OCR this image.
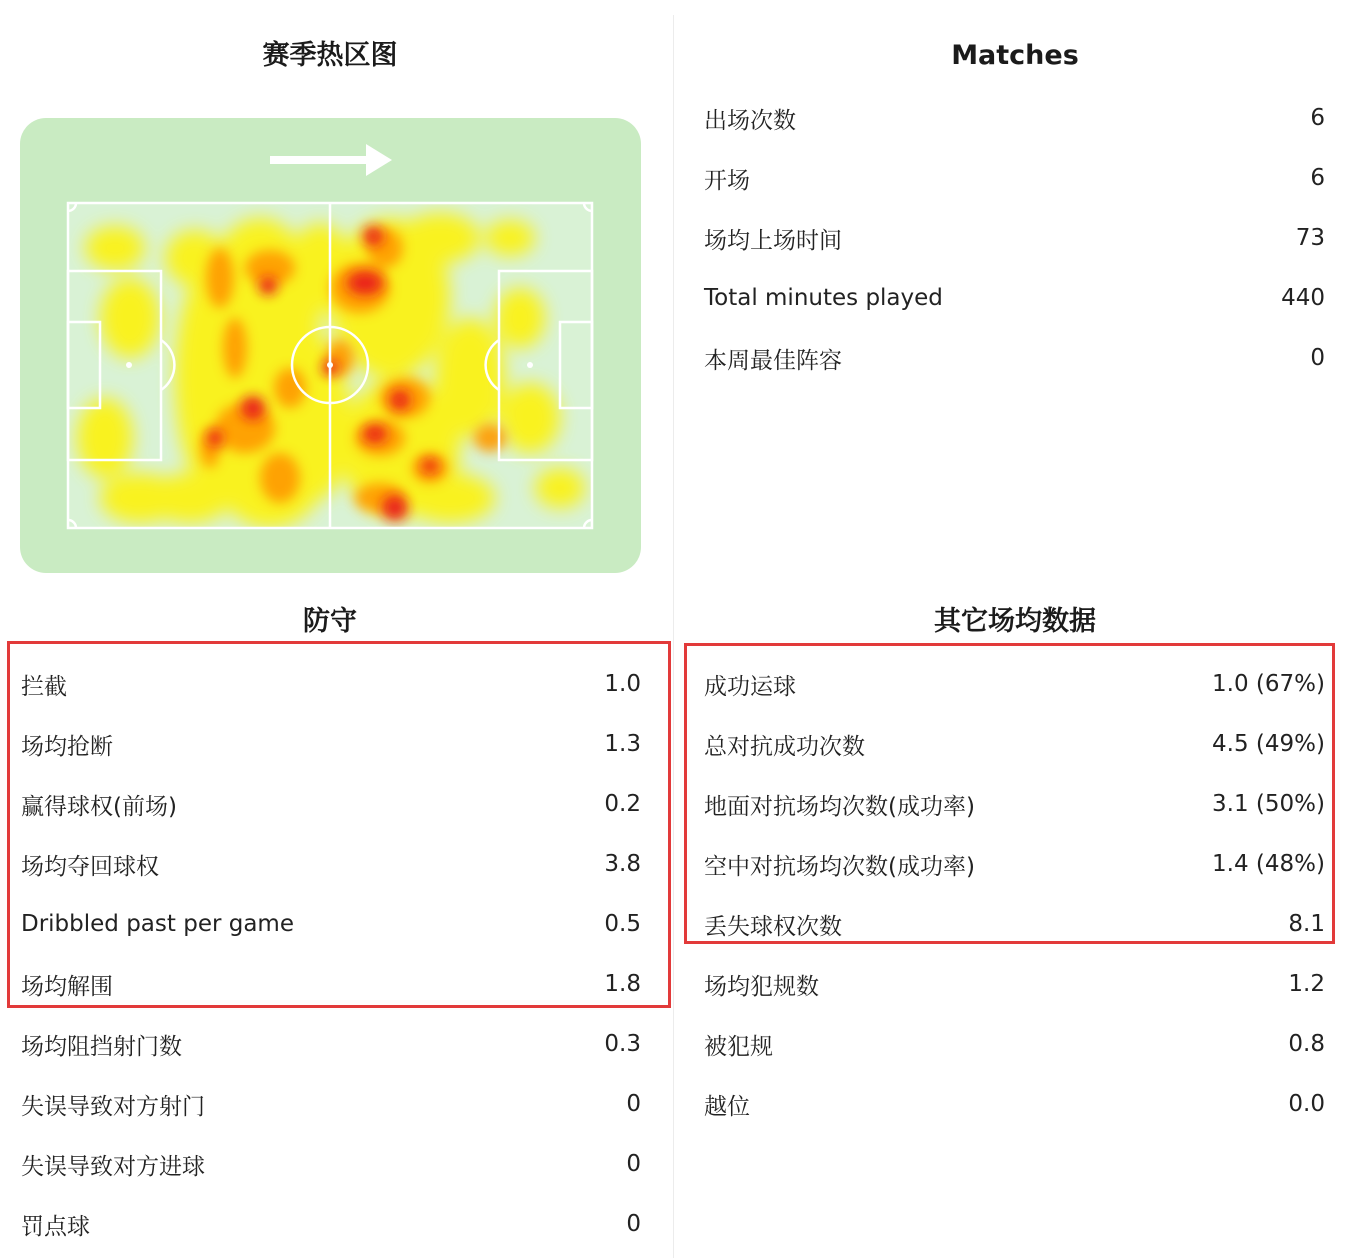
赛季热区图	Matches
出场次数	6
开场	6
场均上场时间	73
Total minutes played	440
本周最佳阵容	0
防守
拦截	1.0
场均抢断	1.3
赢得球权(前场)	0.2
场均夺回球权	3.8
Dribbled past per game	0.5
场均解围	1.8
场均阻挡射门数	0.3
失误导致对方射门	0
失误导致对方进球	0
罚点球	0
其它场均数据
成功运球	1.0 (67%)
总对抗成功次数	4.5 (49%)
地面对抗场均次数(成功率)	3.1 (50%)
空中对抗场均次数(成功率)	1.4 (48%)
丢失球权次数	8.1
场均犯规数	1.2
被犯规	0.8
越位	0.0
